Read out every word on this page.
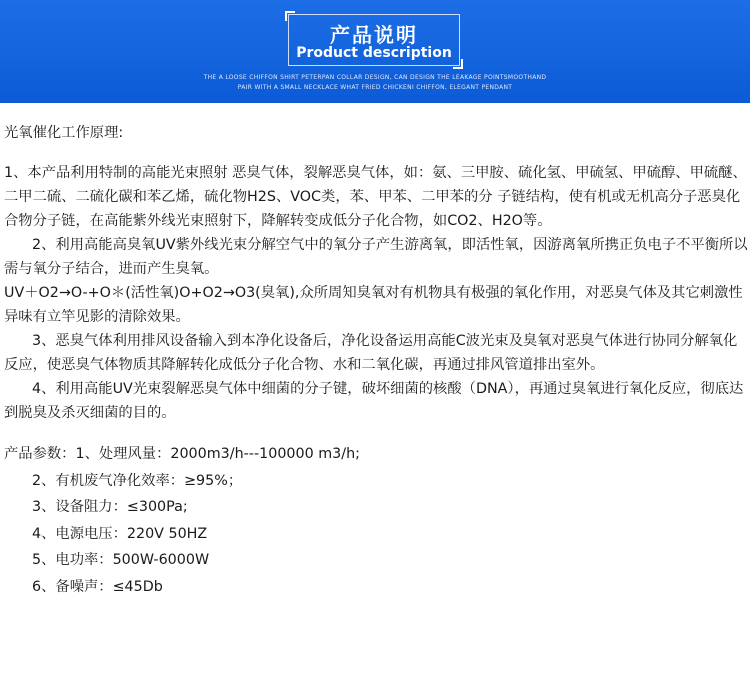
产品说明
Product description
THE A LOOSE CHIFFON SHIRT PETERPAN COLLAR DESIGN, CAN DESIGN THE LEAKAGE POINTSMOOTHAND
PAIR WITH A SMALL NECKLACE WHAT FRIED CHICKENI CHIFFON, ELEGANT PENDANT

光氧催化工作原理:

1、本产品利用特制的高能光束照射 恶臭气体，裂解恶臭气体，如：氨、三甲胺、硫化氢、甲硫氢、甲硫醇、甲硫醚、二甲二硫、二硫化碳和苯乙烯，硫化物H2S、VOC类，苯、甲苯、二甲苯的分 子链结构，使有机或无机高分子恶臭化合物分子链，在高能紫外线光束照射下，降解转变成低分子化合物，如CO2、H2O等。

2、利用高能高臭氧UV紫外线光束分解空气中的氧分子产生游离氧，即活性氧，因游离氧所携正负电子不平衡所以需与氧分子结合，进而产生臭氧。

UV＋O2→O-+O＊(活性氧)O+O2→O3(臭氧),众所周知臭氧对有机物具有极强的氧化作用，对恶臭气体及其它刺激性异味有立竿见影的清除效果。

3、恶臭气体利用排风设备输入到本净化设备后，净化设备运用高能C波光束及臭氧对恶臭气体进行协同分解氧化反应，使恶臭气体物质其降解转化成低分子化合物、水和二氧化碳，再通过排风管道排出室外。

4、利用高能UV光束裂解恶臭气体中细菌的分子键，破坏细菌的核酸（DNA），再通过臭氧进行氧化反应，彻底达到脱臭及杀灭细菌的目的。

产品参数：1、处理风量：2000m3/h---100000 m3/h;

2、有机废气净化效率：≥95%；

3、设备阻力：≤300Pa;

4、电源电压：220V 50HZ

5、电功率：500W-6000W

6、备噪声：≤45Db
